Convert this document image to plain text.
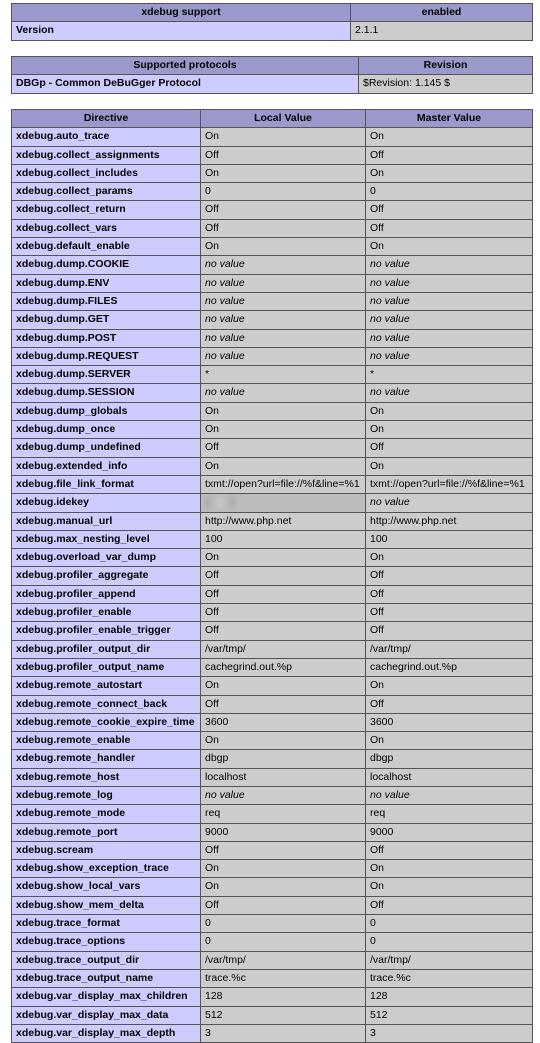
xdebug support	enabled
Version	2.1.1
Supported protocols	Revision
DBGp - Common DeBuGger Protocol	$Revision: 1.145 $
Directive	Local Value	Master Value
xdebug.auto_trace	On	On
xdebug.collect_assignments	Off	Off
xdebug.collect_includes	On	On
xdebug.collect_params	0	0
xdebug.collect_return	Off	Off
xdebug.collect_vars	Off	Off
xdebug.default_enable	On	On
xdebug.dump.COOKIE	no value	no value
xdebug.dump.ENV	no value	no value
xdebug.dump.FILES	no value	no value
xdebug.dump.GET	no value	no value
xdebug.dump.POST	no value	no value
xdebug.dump.REQUEST	no value	no value
xdebug.dump.SERVER	*	*
xdebug.dump.SESSION	no value	no value
xdebug.dump_globals	On	On
xdebug.dump_once	On	On
xdebug.dump_undefined	Off	Off
xdebug.extended_info	On	On
xdebug.file_link_format	txmt://open?url=file://%f&line=%1	txmt://open?url=file://%f&line=%1
xdebug.idekey		no value
xdebug.manual_url	http://www.php.net	http://www.php.net
xdebug.max_nesting_level	100	100
xdebug.overload_var_dump	On	On
xdebug.profiler_aggregate	Off	Off
xdebug.profiler_append	Off	Off
xdebug.profiler_enable	Off	Off
xdebug.profiler_enable_trigger	Off	Off
xdebug.profiler_output_dir	/var/tmp/	/var/tmp/
xdebug.profiler_output_name	cachegrind.out.%p	cachegrind.out.%p
xdebug.remote_autostart	On	On
xdebug.remote_connect_back	Off	Off
xdebug.remote_cookie_expire_time	3600	3600
xdebug.remote_enable	On	On
xdebug.remote_handler	dbgp	dbgp
xdebug.remote_host	localhost	localhost
xdebug.remote_log	no value	no value
xdebug.remote_mode	req	req
xdebug.remote_port	9000	9000
xdebug.scream	Off	Off
xdebug.show_exception_trace	On	On
xdebug.show_local_vars	On	On
xdebug.show_mem_delta	Off	Off
xdebug.trace_format	0	0
xdebug.trace_options	0	0
xdebug.trace_output_dir	/var/tmp/	/var/tmp/
xdebug.trace_output_name	trace.%c	trace.%c
xdebug.var_display_max_children	128	128
xdebug.var_display_max_data	512	512
xdebug.var_display_max_depth	3	3
